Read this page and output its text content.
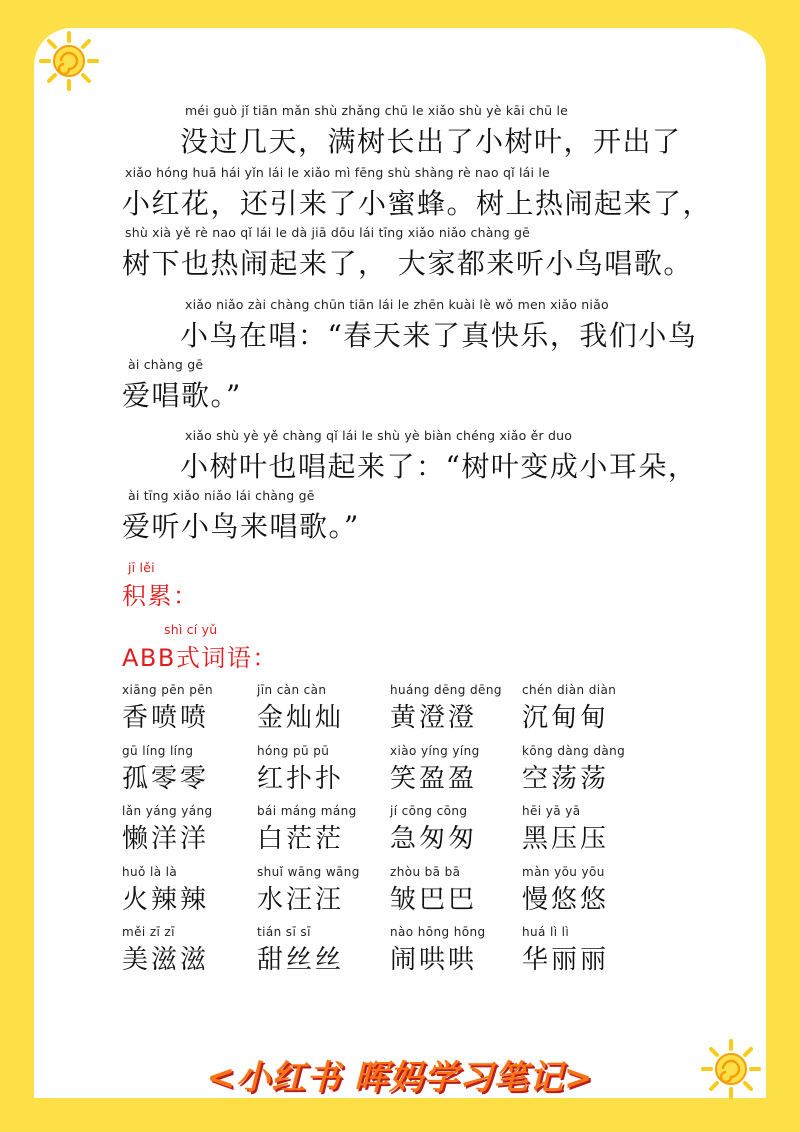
méi guò jǐ tiān mǎn shù zhǎng chū le xiǎo shù yè kāi chū le
没过几天，满树长出了小树叶，开出了
xiǎo hóng huā hái yǐn lái le xiǎo mì fēng shù shàng rè nao qǐ lái le
小红花，还引来了小蜜蜂。树上热闹起来了，
shù xià yě rè nao qǐ lái le dà jiā dōu lái tīng xiǎo niǎo chàng gē
树下也热闹起来了， 大家都来听小鸟唱歌。
xiǎo niǎo zài chàng chūn tiān lái le zhēn kuài lè wǒ men xiǎo niǎo
小鸟在唱：“春天来了真快乐，我们小鸟
ài chàng gē
爱唱歌。”
xiǎo shù yè yě chàng qǐ lái le shù yè biàn chéng xiǎo ěr duo
小树叶也唱起来了：“树叶变成小耳朵，
ài tīng xiǎo niǎo lái chàng gē
爱听小鸟来唱歌。”
jī lěi
积累：
shì cí yǔ
ABB式词语：
xiāng pēn pēn
香喷喷
jīn càn càn
金灿灿
huáng dēng dēng
黄澄澄
chén diàn diàn
沉甸甸
gū líng líng
孤零零
hóng pū pū
红扑扑
xiào yíng yíng
笑盈盈
kōng dàng dàng
空荡荡
lǎn yáng yáng
懒洋洋
bái máng máng
白茫茫
jí cōng cōng
急匆匆
hēi yā yā
黑压压
huǒ là là
火辣辣
shuǐ wāng wāng
水汪汪
zhòu bā bā
皱巴巴
màn yōu yōu
慢悠悠
měi zī zī
美滋滋
tián sī sī
甜丝丝
nào hōng hōng
闹哄哄
huá lì lì
华丽丽
<小红书 晖妈学习笔记>
